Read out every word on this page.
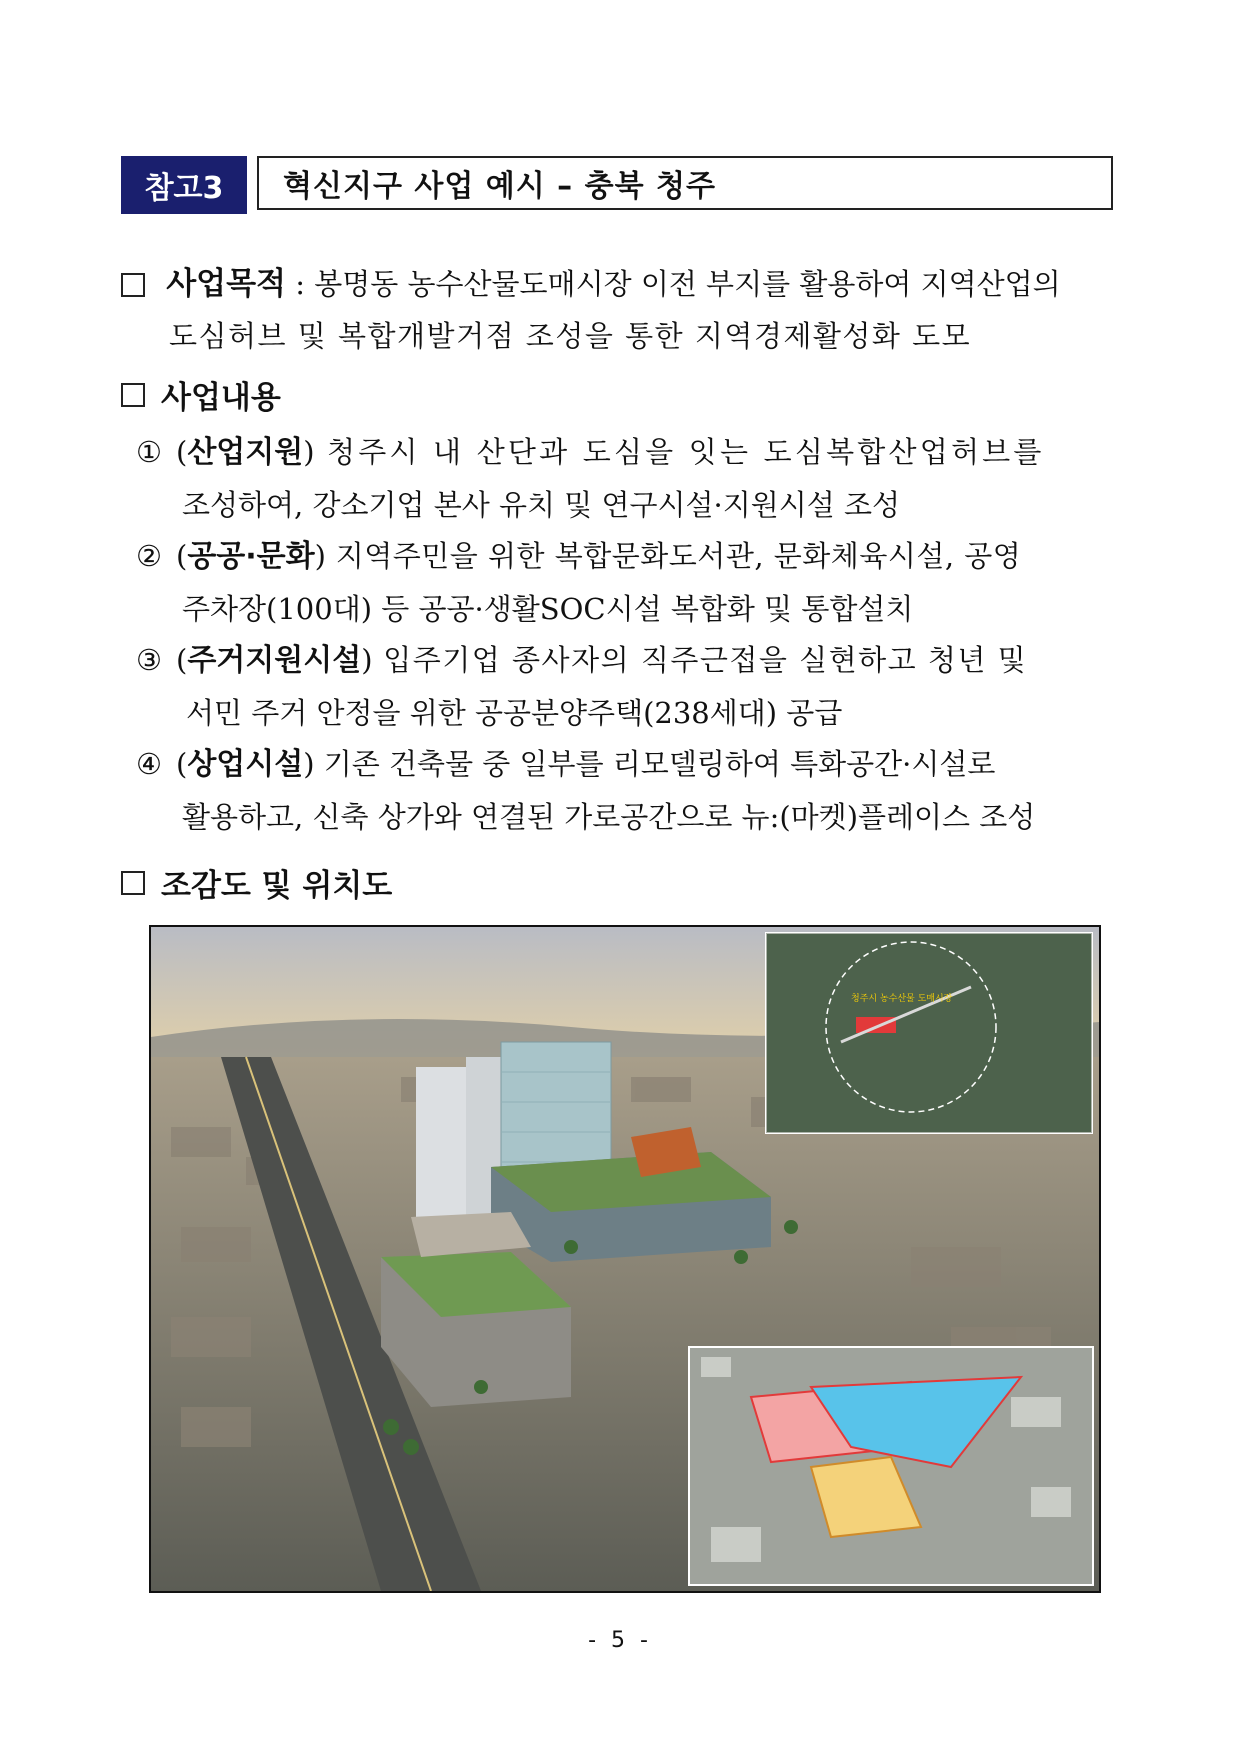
참고3	혁신지구 사업 예시 – 충북 청주
사업목적 : 봉명동 농수산물도매시장 이전 부지를 활용하여 지역산업의
도심허브 및 복합개발거점 조성을 통한 지역경제활성화 도모
사업내용
① (산업지원) 청주시 내 산단과 도심을 잇는 도심복합산업허브를
조성하여, 강소기업 본사 유치 및 연구시설·지원시설 조성
② (공공·문화) 지역주민을 위한 복합문화도서관, 문화체육시설, 공영
주차장(100대) 등 공공·생활SOC시설 복합화 및 통합설치
③ (주거지원시설) 입주기업 종사자의 직주근접을 실현하고 청년 및
서민 주거 안정을 위한 공공분양주택(238세대) 공급
④ (상업시설) 기존 건축물 중 일부를 리모델링하여 특화공간·시설로
활용하고, 신축 상가와 연결된 가로공간으로 뉴:(마켓)플레이스 조성
조감도 및 위치도
청주시 농수산물 도매시장
- 5 -
